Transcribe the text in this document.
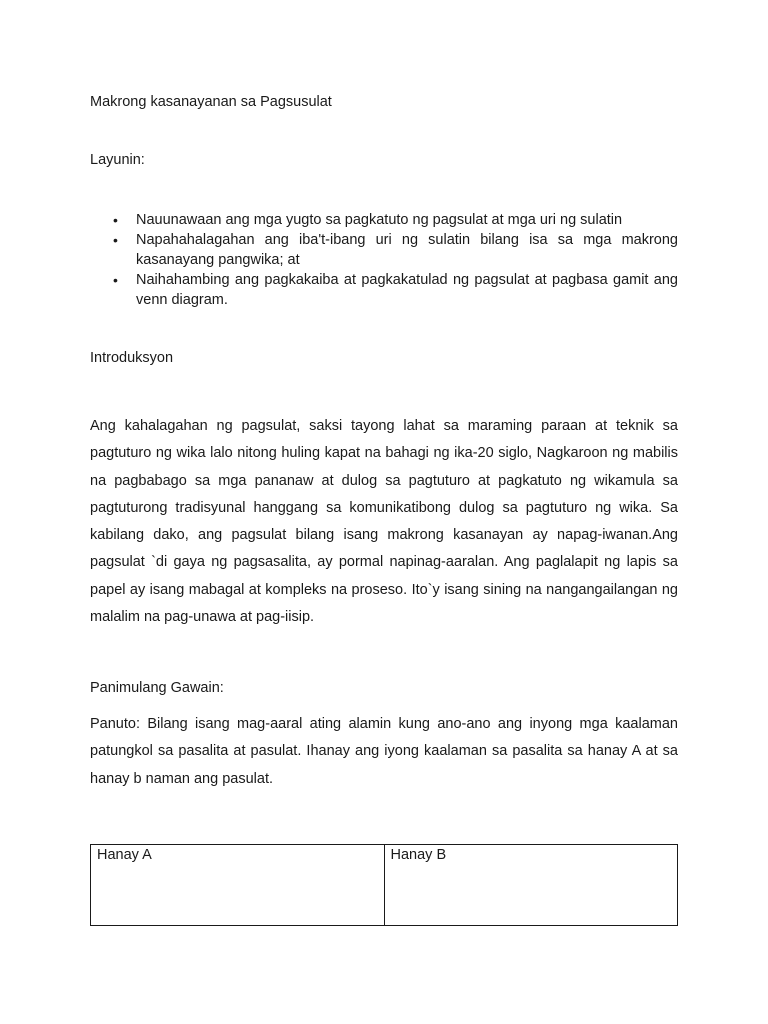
Makrong kasanayanan sa Pagsusulat
Layunin:
• Nauunawaan ang mga yugto sa pagkatuto ng pagsulat at mga uri ng sulatin
• Napahahalagahan ang iba't-ibang uri ng sulatin bilang isa sa mga makrong kasanayang pangwika; at
• Naihahambing ang pagkakaiba at pagkakatulad ng pagsulat at pagbasa gamit ang venn diagram.
Introduksyon

Ang kahalagahan ng pagsulat, saksi tayong lahat sa maraming paraan at teknik sa pagtuturo ng wika lalo nitong huling kapat na bahagi ng ika-20 siglo, Nagkaroon ng mabilis na pagbabago sa mga pananaw at dulog sa pagtuturo at pagkatuto ng wikamula sa pagtuturong tradisyunal hanggang sa komunikatibong dulog sa pagtuturo ng wika. Sa kabilang dako, ang pagsulat bilang isang makrong kasanayan ay napag-iwanan.Ang pagsulat `di gaya ng pagsasalita, ay pormal napinag-aaralan. Ang paglalapit ng lapis sa papel ay isang mabagal at kompleks na proseso. Ito`y isang sining na nangangailangan ng malalim na pag-unawa at pag-iisip.

Panimulang Gawain:

Panuto: Bilang isang mag-aaral ating alamin kung ano-ano ang inyong mga kaalaman patungkol sa pasalita at pasulat. Ihanay ang iyong kaalaman sa pasalita sa hanay A at sa hanay b naman ang pasulat.

Hanay A	Hanay B
